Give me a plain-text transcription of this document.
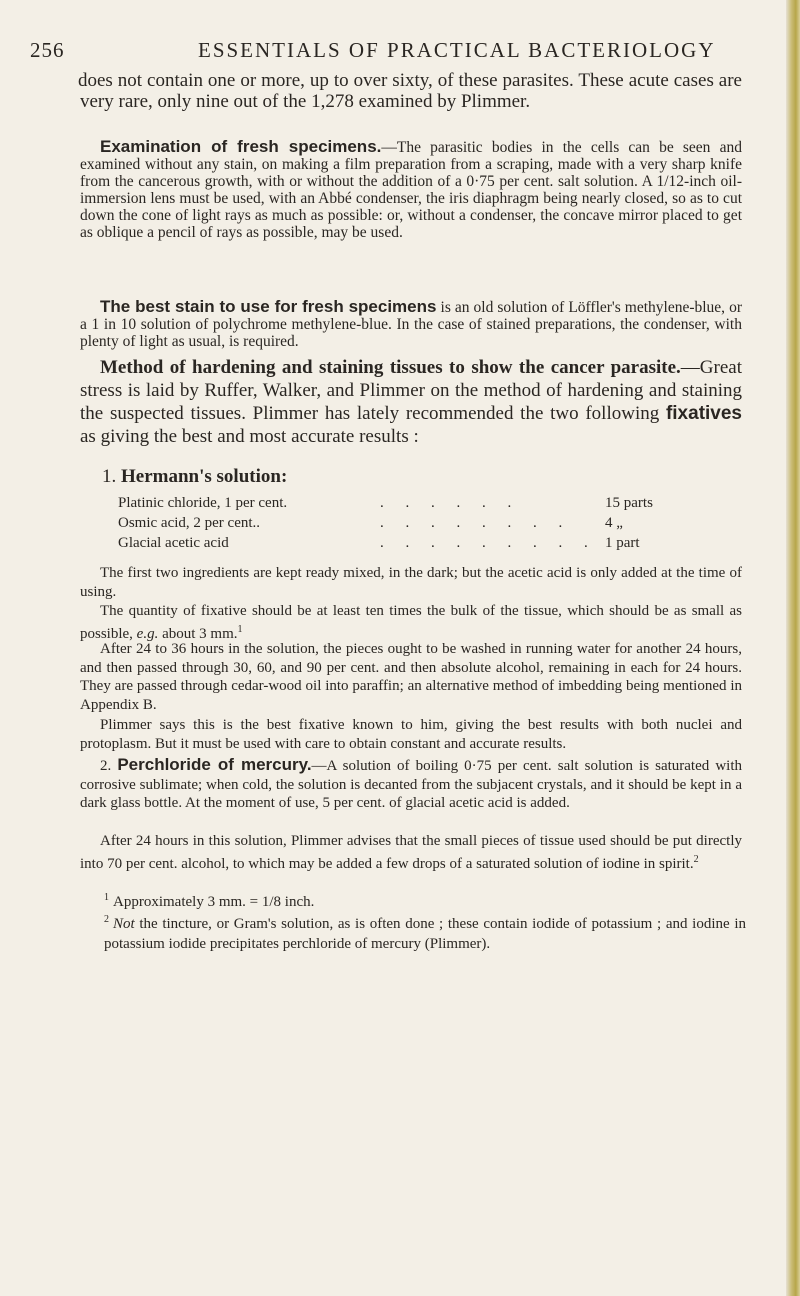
256	ESSENTIALS OF PRACTICAL BACTERIOLOGY

does not contain one or more, up to over sixty, of these parasites. These acute cases are very rare, only nine out of the 1,278 examined by Plimmer.

Examination of fresh specimens.—The parasitic bodies in the cells can be seen and examined without any stain, on making a film preparation from a scraping, made with a very sharp knife from the cancerous growth, with or without the addition of a 0·75 per cent. salt solution. A 1/12-inch oil-immersion lens must be used, with an Abbé condenser, the iris diaphragm being nearly closed, so as to cut down the cone of light rays as much as possible: or, without a condenser, the concave mirror placed to get as oblique a pencil of rays as possible, may be used.

The best stain to use for fresh specimens is an old solution of Löffler's methylene-blue, or a 1 in 10 solution of polychrome methylene-blue. In the case of stained preparations, the condenser, with plenty of light as usual, is required.

Method of hardening and staining tissues to show the cancer parasite.—Great stress is laid by Ruffer, Walker, and Plimmer on the method of hardening and staining the suspected tissues. Plimmer has lately recommended the two following fixatives as giving the best and most accurate results :

1. Hermann's solution:
Platinic chloride, 1 per cent.	. . . . . .	15 parts
Osmic acid, 2 per cent..	. . . . . . . . 4 „
Glacial acetic acid	. . . . . . . . . 1 part

The first two ingredients are kept ready mixed, in the dark; but the acetic acid is only added at the time of using.

The quantity of fixative should be at least ten times the bulk of the tissue, which should be as small as possible, e.g. about 3 mm.$^1$

After 24 to 36 hours in the solution, the pieces ought to be washed in running water for another 24 hours, and then passed through 30, 60, and 90 per cent. and then absolute alcohol, remaining in each for 24 hours. They are passed through cedar-wood oil into paraffin; an alternative method of imbedding being mentioned in Appendix B.

Plimmer says this is the best fixative known to him, giving the best results with both nuclei and protoplasm. But it must be used with care to obtain constant and accurate results.

2. Perchloride of mercury.—A solution of boiling 0·75 per cent. salt solution is saturated with corrosive sublimate; when cold, the solution is decanted from the subjacent crystals, and it should be kept in a dark glass bottle. At the moment of use, 5 per cent. of glacial acetic acid is added.

After 24 hours in this solution, Plimmer advises that the small pieces of tissue used should be put directly into 70 per cent. alcohol, to which may be added a few drops of a saturated solution of iodine in spirit.$^2$

$^1$ Approximately 3 mm. = 1/8 inch.

$^2$ Not the tincture, or Gram's solution, as is often done ; these contain iodide of potassium ; and iodine in potassium iodide precipitates perchloride of mercury (Plimmer).
